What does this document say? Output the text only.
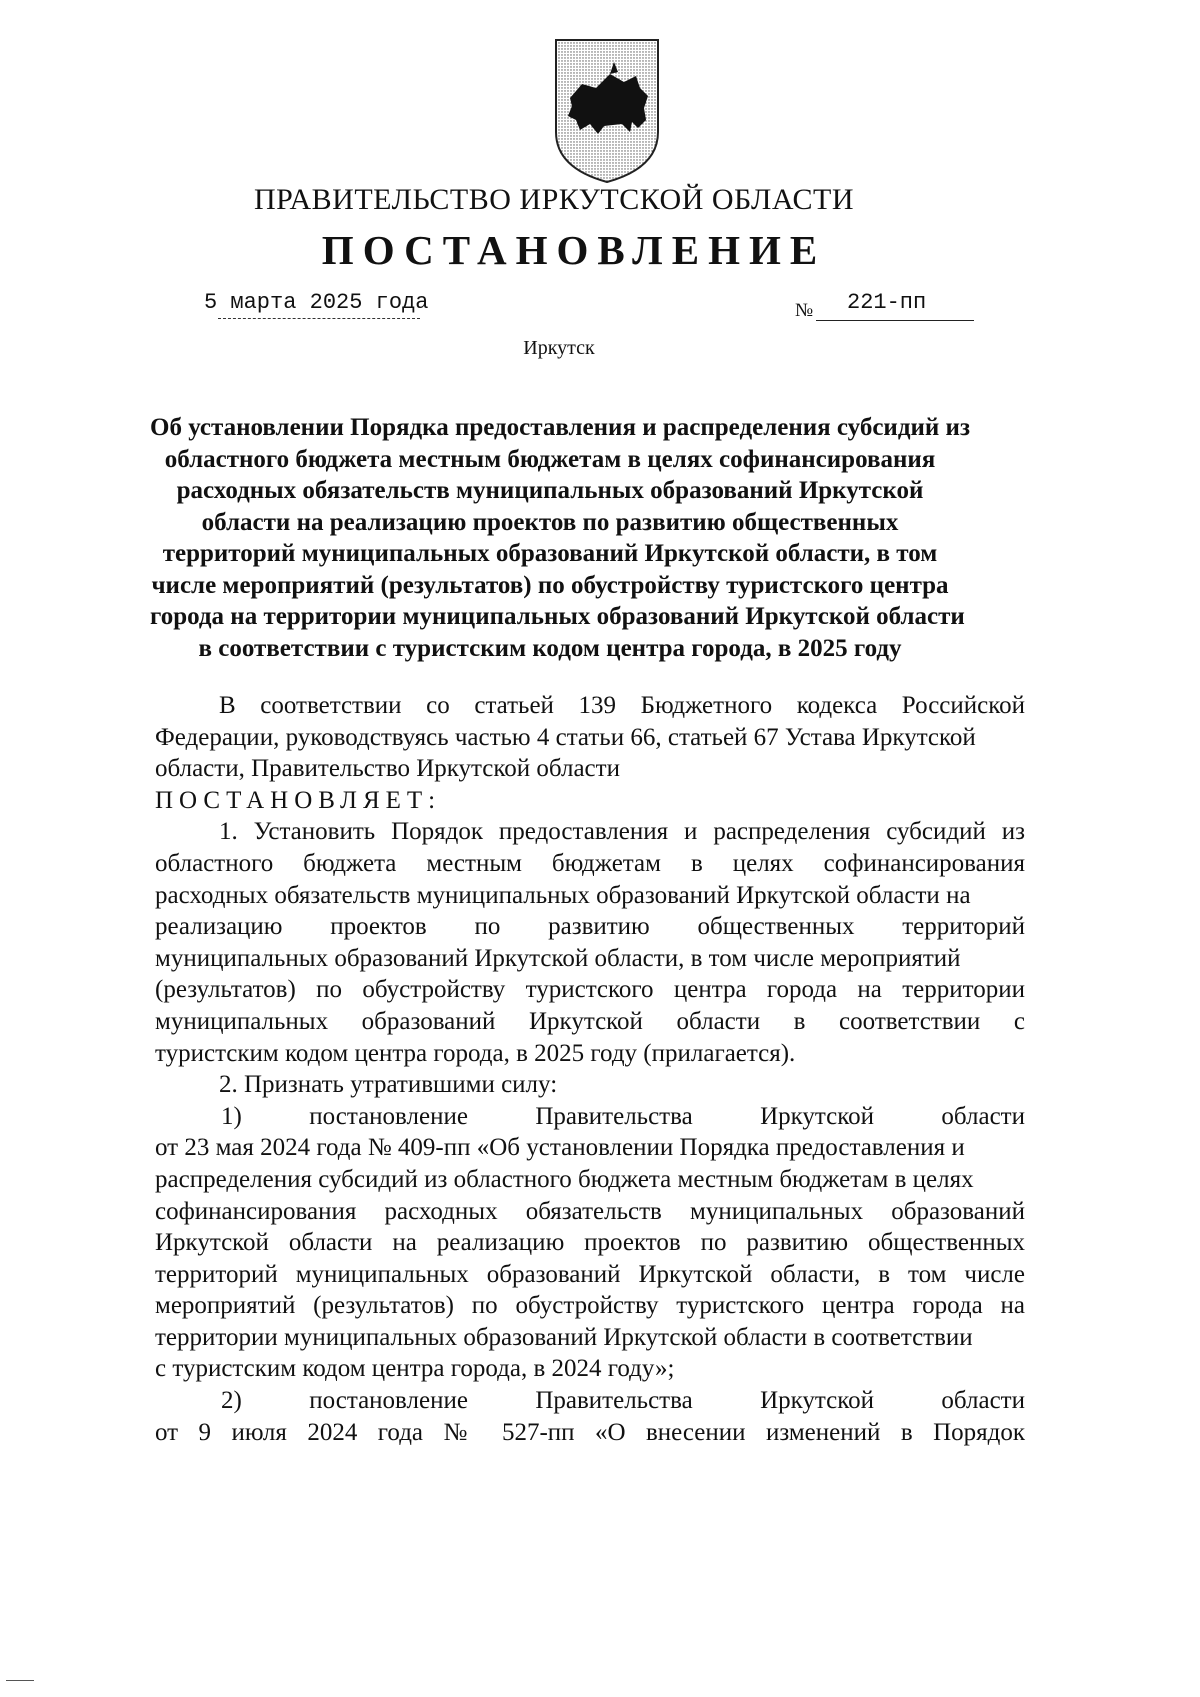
ПРАВИТЕЛЬСТВО ИРКУТСКОЙ ОБЛАСТИ
ПОСТАНОВЛЕНИЕ
5 марта 2025 года	№ 221-пп
Иркутск
Об установлении Порядка предоставления и распределения субсидий из
областного бюджета местным бюджетам в целях софинансирования
расходных обязательств муниципальных образований Иркутской
области на реализацию проектов по развитию общественных
территорий муниципальных образований Иркутской области, в том
числе мероприятий (результатов) по обустройству туристского центра
города на территории муниципальных образований Иркутской области
в соответствии с туристским кодом центра города, в 2025 году
В соответствии со статьей 139 Бюджетного кодекса Российской
Федерации, руководствуясь частью 4 статьи 66, статьей 67 Устава Иркутской
области, Правительство Иркутской области
ПОСТАНОВЛЯЕТ:
1. Установить Порядок предоставления и распределения субсидий из
областного бюджета местным бюджетам в целях софинансирования
расходных обязательств муниципальных образований Иркутской области на
реализацию проектов по развитию общественных территорий
муниципальных образований Иркутской области, в том числе мероприятий
(результатов) по обустройству туристского центра города на территории
муниципальных образований Иркутской области в соответствии с
туристским кодом центра города, в 2025 году (прилагается).
2. Признать утратившими силу:
1) постановление Правительства Иркутской области
от 23 мая 2024 года № 409-пп «Об установлении Порядка предоставления и
распределения субсидий из областного бюджета местным бюджетам в целях
софинансирования расходных обязательств муниципальных образований
Иркутской области на реализацию проектов по развитию общественных
территорий муниципальных образований Иркутской области, в том числе
мероприятий (результатов) по обустройству туристского центра города на
территории муниципальных образований Иркутской области в соответствии
с туристским кодом центра города, в 2024 году»;
2) постановление Правительства Иркутской области
от 9 июля 2024 года № 527-пп «О внесении изменений в Порядок
